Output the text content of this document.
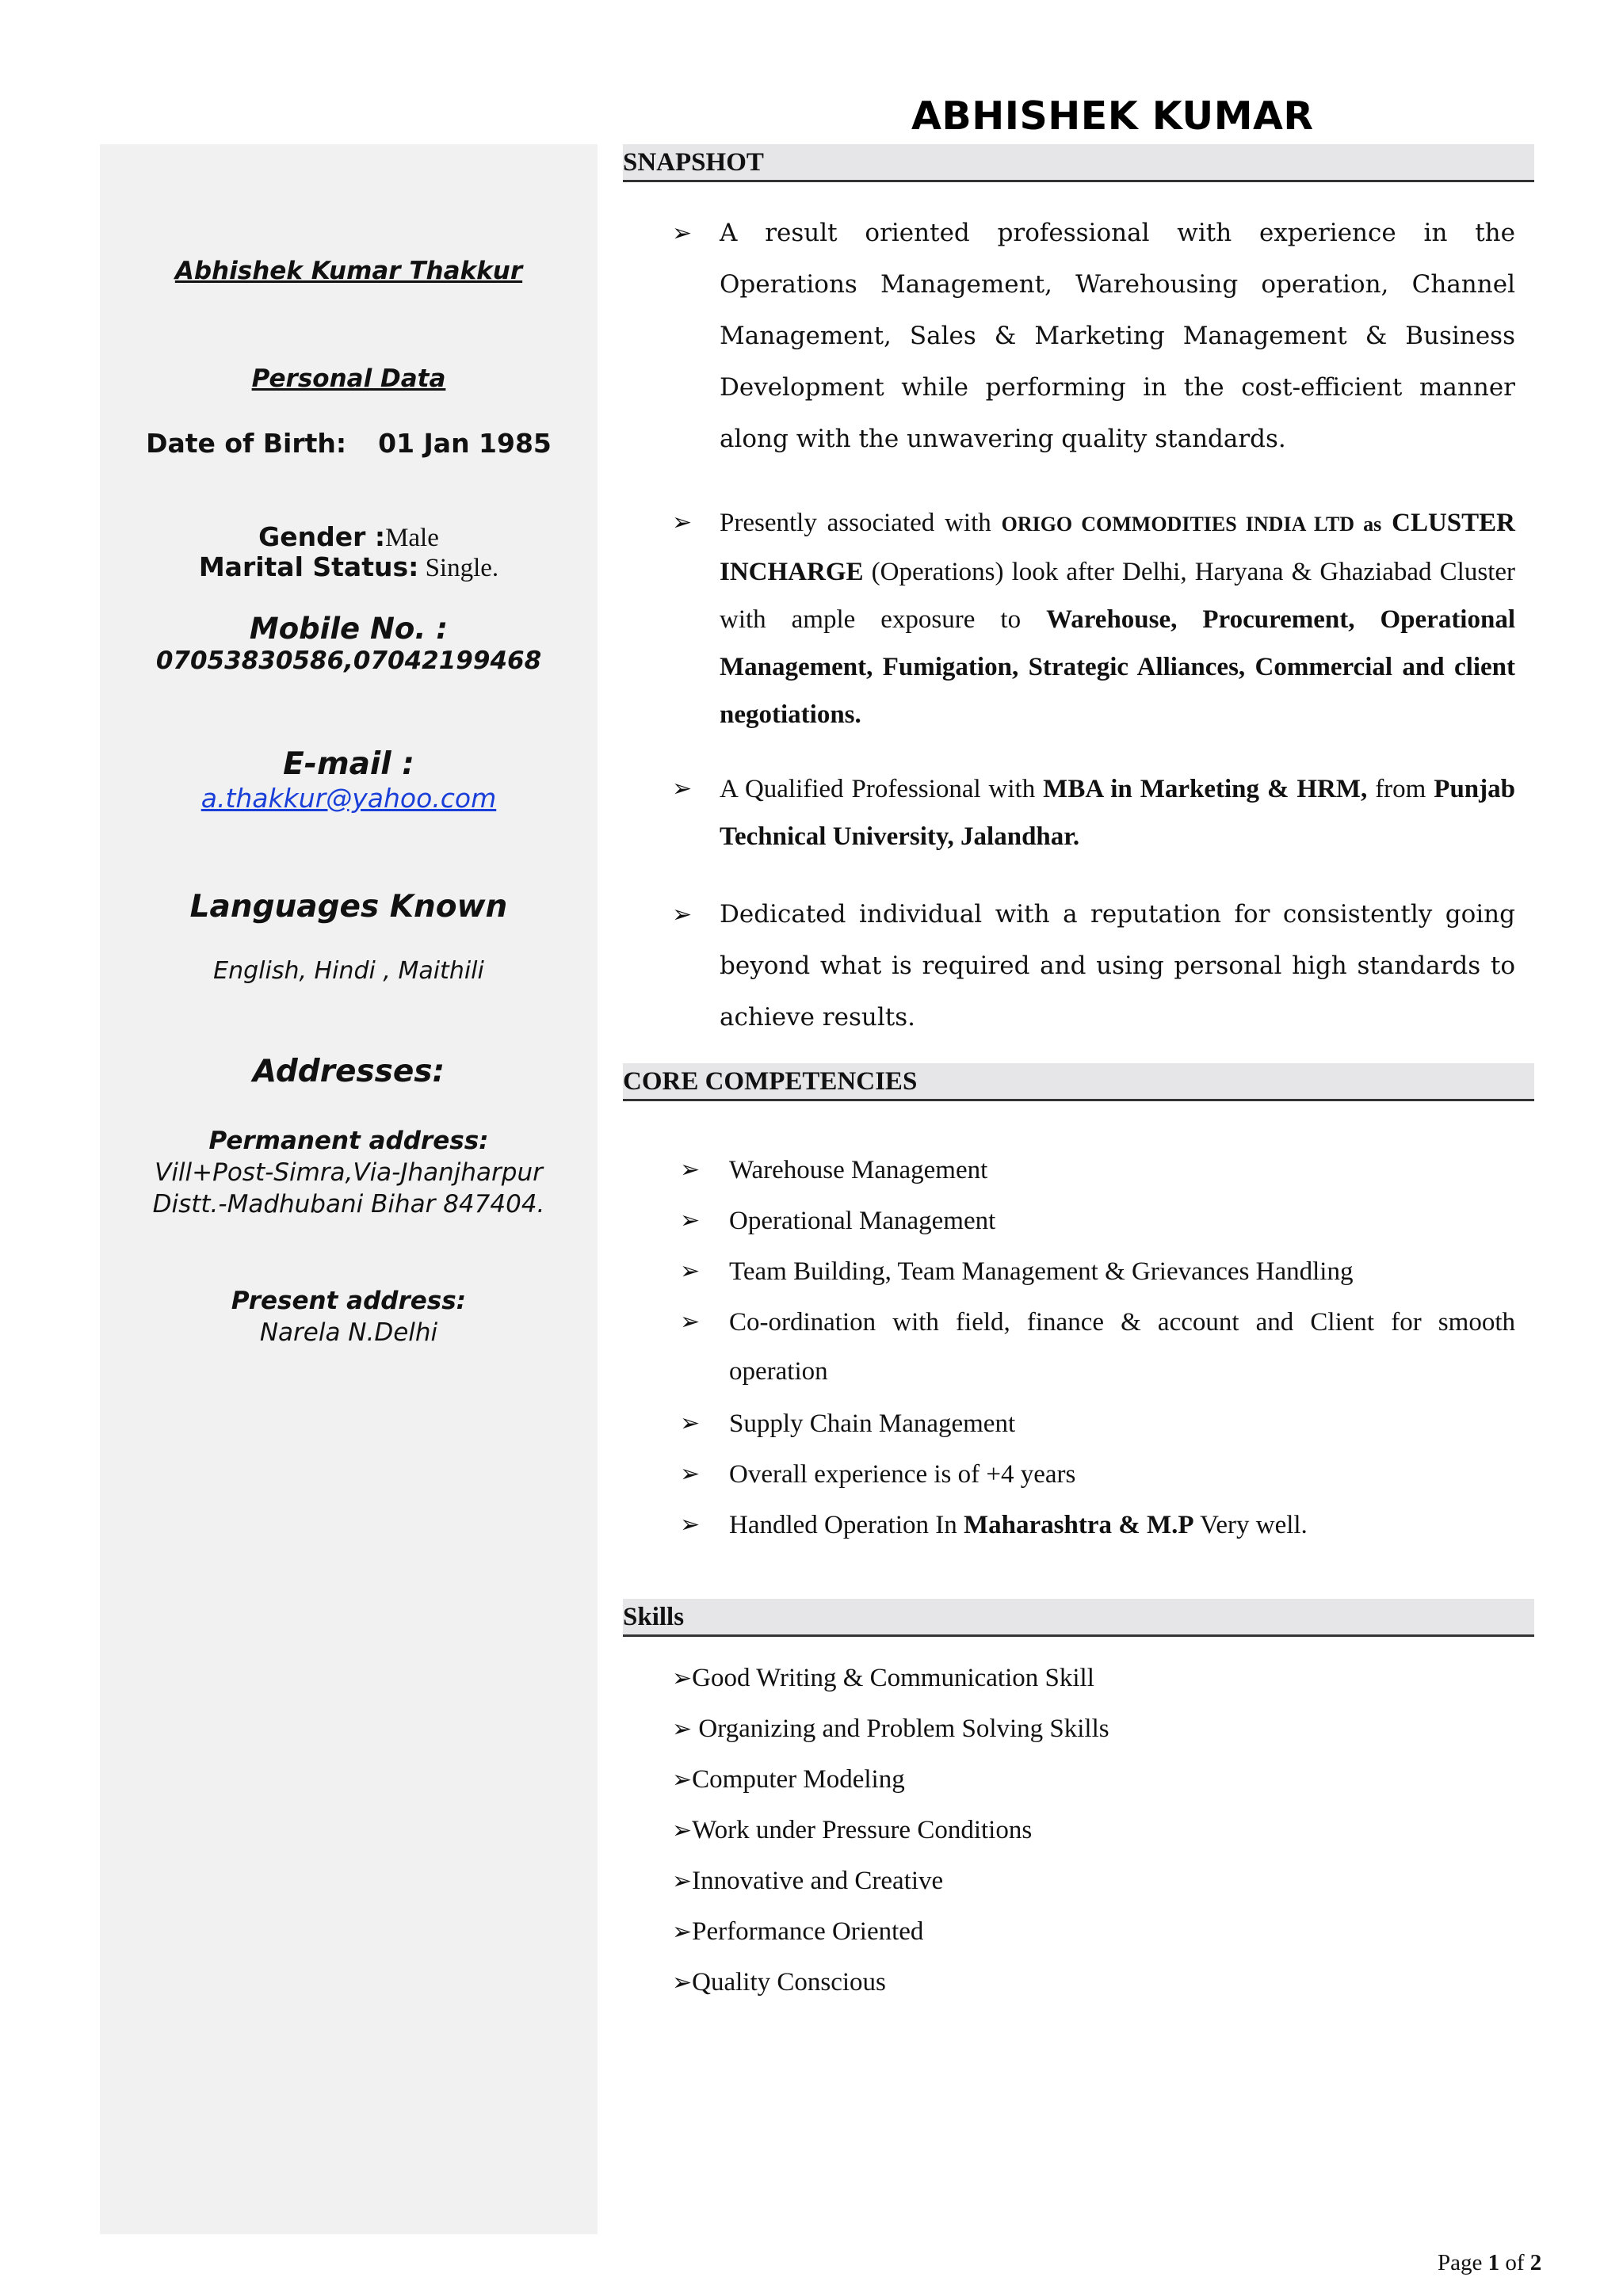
ABHISHEK KUMAR
Abhishek Kumar Thakkur
Personal Data
Date of Birth: 01 Jan 1985
Gender :Male
Marital Status: Single.
Mobile No. :
07053830586,07042199468
E-mail :
a.thakkur@yahoo.com
Languages Known
English, Hindi , Maithili
Addresses:
Permanent address:
Vill+Post-Simra,Via-Jhanjharpur
Distt.-Madhubani Bihar 847404.
Present address:
Narela N.Delhi
SNAPSHOT
➢ A result oriented professional with experience in the Operations Management, Warehousing operation, Channel Management, Sales & Marketing Management & Business Development while performing in the cost-efficient manner along with the unwavering quality standards.
➢ Presently associated with ORIGO COMMODITIES INDIA LTD as CLUSTER INCHARGE (Operations) look after Delhi, Haryana & Ghaziabad Cluster with ample exposure to Warehouse, Procurement, Operational Management, Fumigation, Strategic Alliances, Commercial and client negotiations.
➢ A Qualified Professional with MBA in Marketing & HRM, from Punjab Technical University, Jalandhar.
➢ Dedicated individual with a reputation for consistently going beyond what is required and using personal high standards to achieve results.
CORE COMPETENCIES
➢ Warehouse Management
➢ Operational Management
➢ Team Building, Team Management & Grievances Handling
➢ Co-ordination with field, finance & account and Client for smooth operation
➢ Supply Chain Management
➢ Overall experience is of +4 years
➢ Handled Operation In Maharashtra & M.P Very well.
Skills
➢Good Writing & Communication Skill
➢ Organizing and Problem Solving Skills
➢Computer Modeling
➢Work under Pressure Conditions
➢Innovative and Creative
➢Performance Oriented
➢Quality Conscious
Page 1 of 2
